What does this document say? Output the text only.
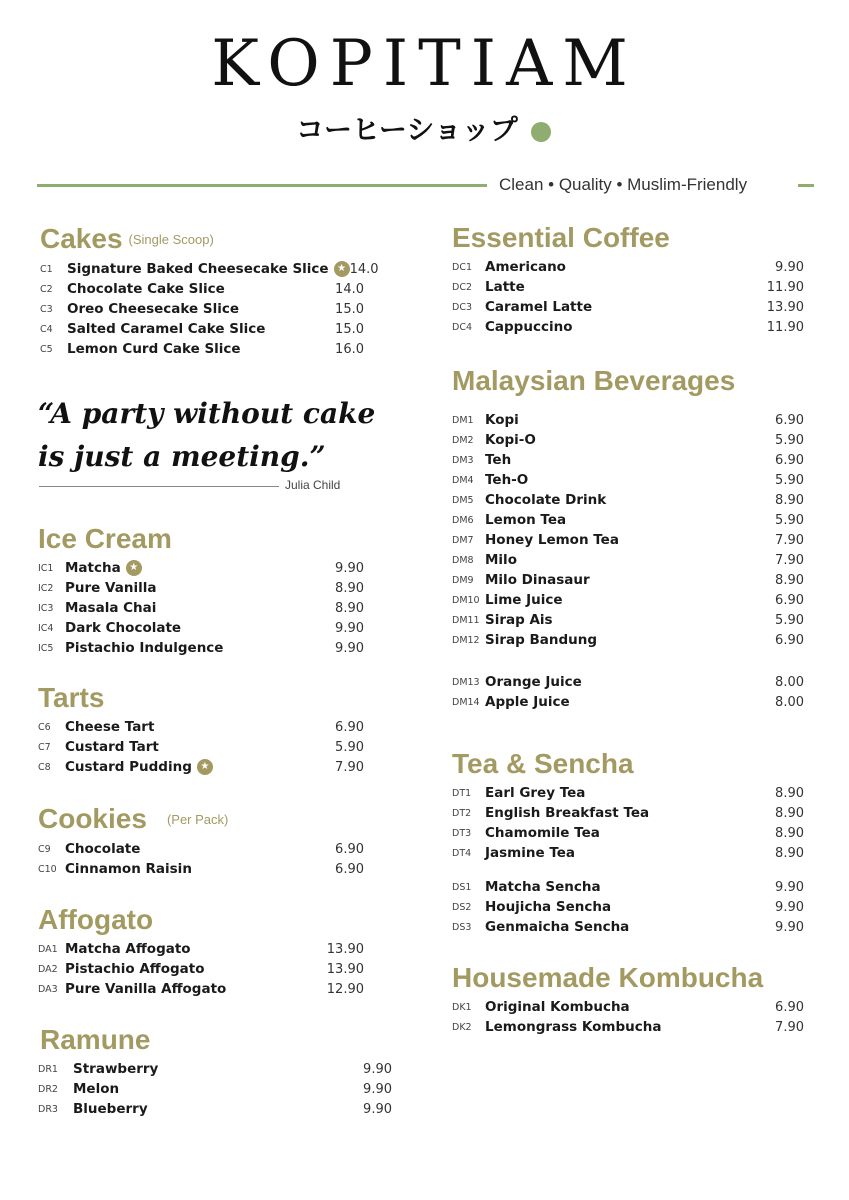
KOPITIAM
コーヒーショップ
Clean • Quality • Muslim-Friendly
Cakes (Single Scoop)
C1	Signature Baked Cheesecake Slice ★ 14.0
C2	Chocolate Cake Slice	14.0
C3	Oreo Cheesecake Slice	15.0
C4	Salted Caramel Cake Slice	15.0
C5	Lemon Curd Cake Slice	16.0

“A party without cake
is just a meeting.”

Julia Child
Ice Cream
IC1 Matcha ★	9.90
IC2 Pure Vanilla	8.90
IC3 Masala Chai	8.90
IC4 Dark Chocolate	9.90
IC5 Pistachio Indulgence	9.90
Tarts
C6	Cheese Tart	6.90
C7	Custard Tart	5.90
C8	Custard Pudding ★	7.90
Cookies (Per Pack)
C9	Chocolate	6.90
C10 Cinnamon Raisin	6.90
Affogato
DA1 Matcha Affogato	13.90
DA2 Pistachio Affogato	13.90
DA3 Pure Vanilla Affogato	12.90
Ramune
DR1	Strawberry	9.90
DR2	Melon	9.90
DR3	Blueberry	9.90
Essential Coffee
DC1 Americano	9.90
DC2 Latte	11.90
DC3 Caramel Latte	13.90
DC4 Cappuccino	11.90
Malaysian Beverages
DM1 Kopi	6.90
DM2 Kopi-O	5.90
DM3 Teh	6.90
DM4 Teh-O	5.90
DM5 Chocolate Drink	8.90
DM6 Lemon Tea	5.90
DM7 Honey Lemon Tea	7.90
DM8 Milo	7.90
DM9 Milo Dinasaur	8.90
DM10 Lime Juice	6.90
DM11 Sirap Ais	5.90
DM12 Sirap Bandung	6.90
DM13 Orange Juice	8.00
DM14 Apple Juice	8.00
Tea & Sencha
DT1	Earl Grey Tea	8.90
DT2	English Breakfast Tea	8.90
DT3	Chamomile Tea	8.90
DT4	Jasmine Tea	8.90
DS1	Matcha Sencha	9.90
DS2	Houjicha Sencha	9.90
DS3	Genmaicha Sencha	9.90
Housemade Kombucha
DK1 Original Kombucha	6.90
DK2 Lemongrass Kombucha	7.90
